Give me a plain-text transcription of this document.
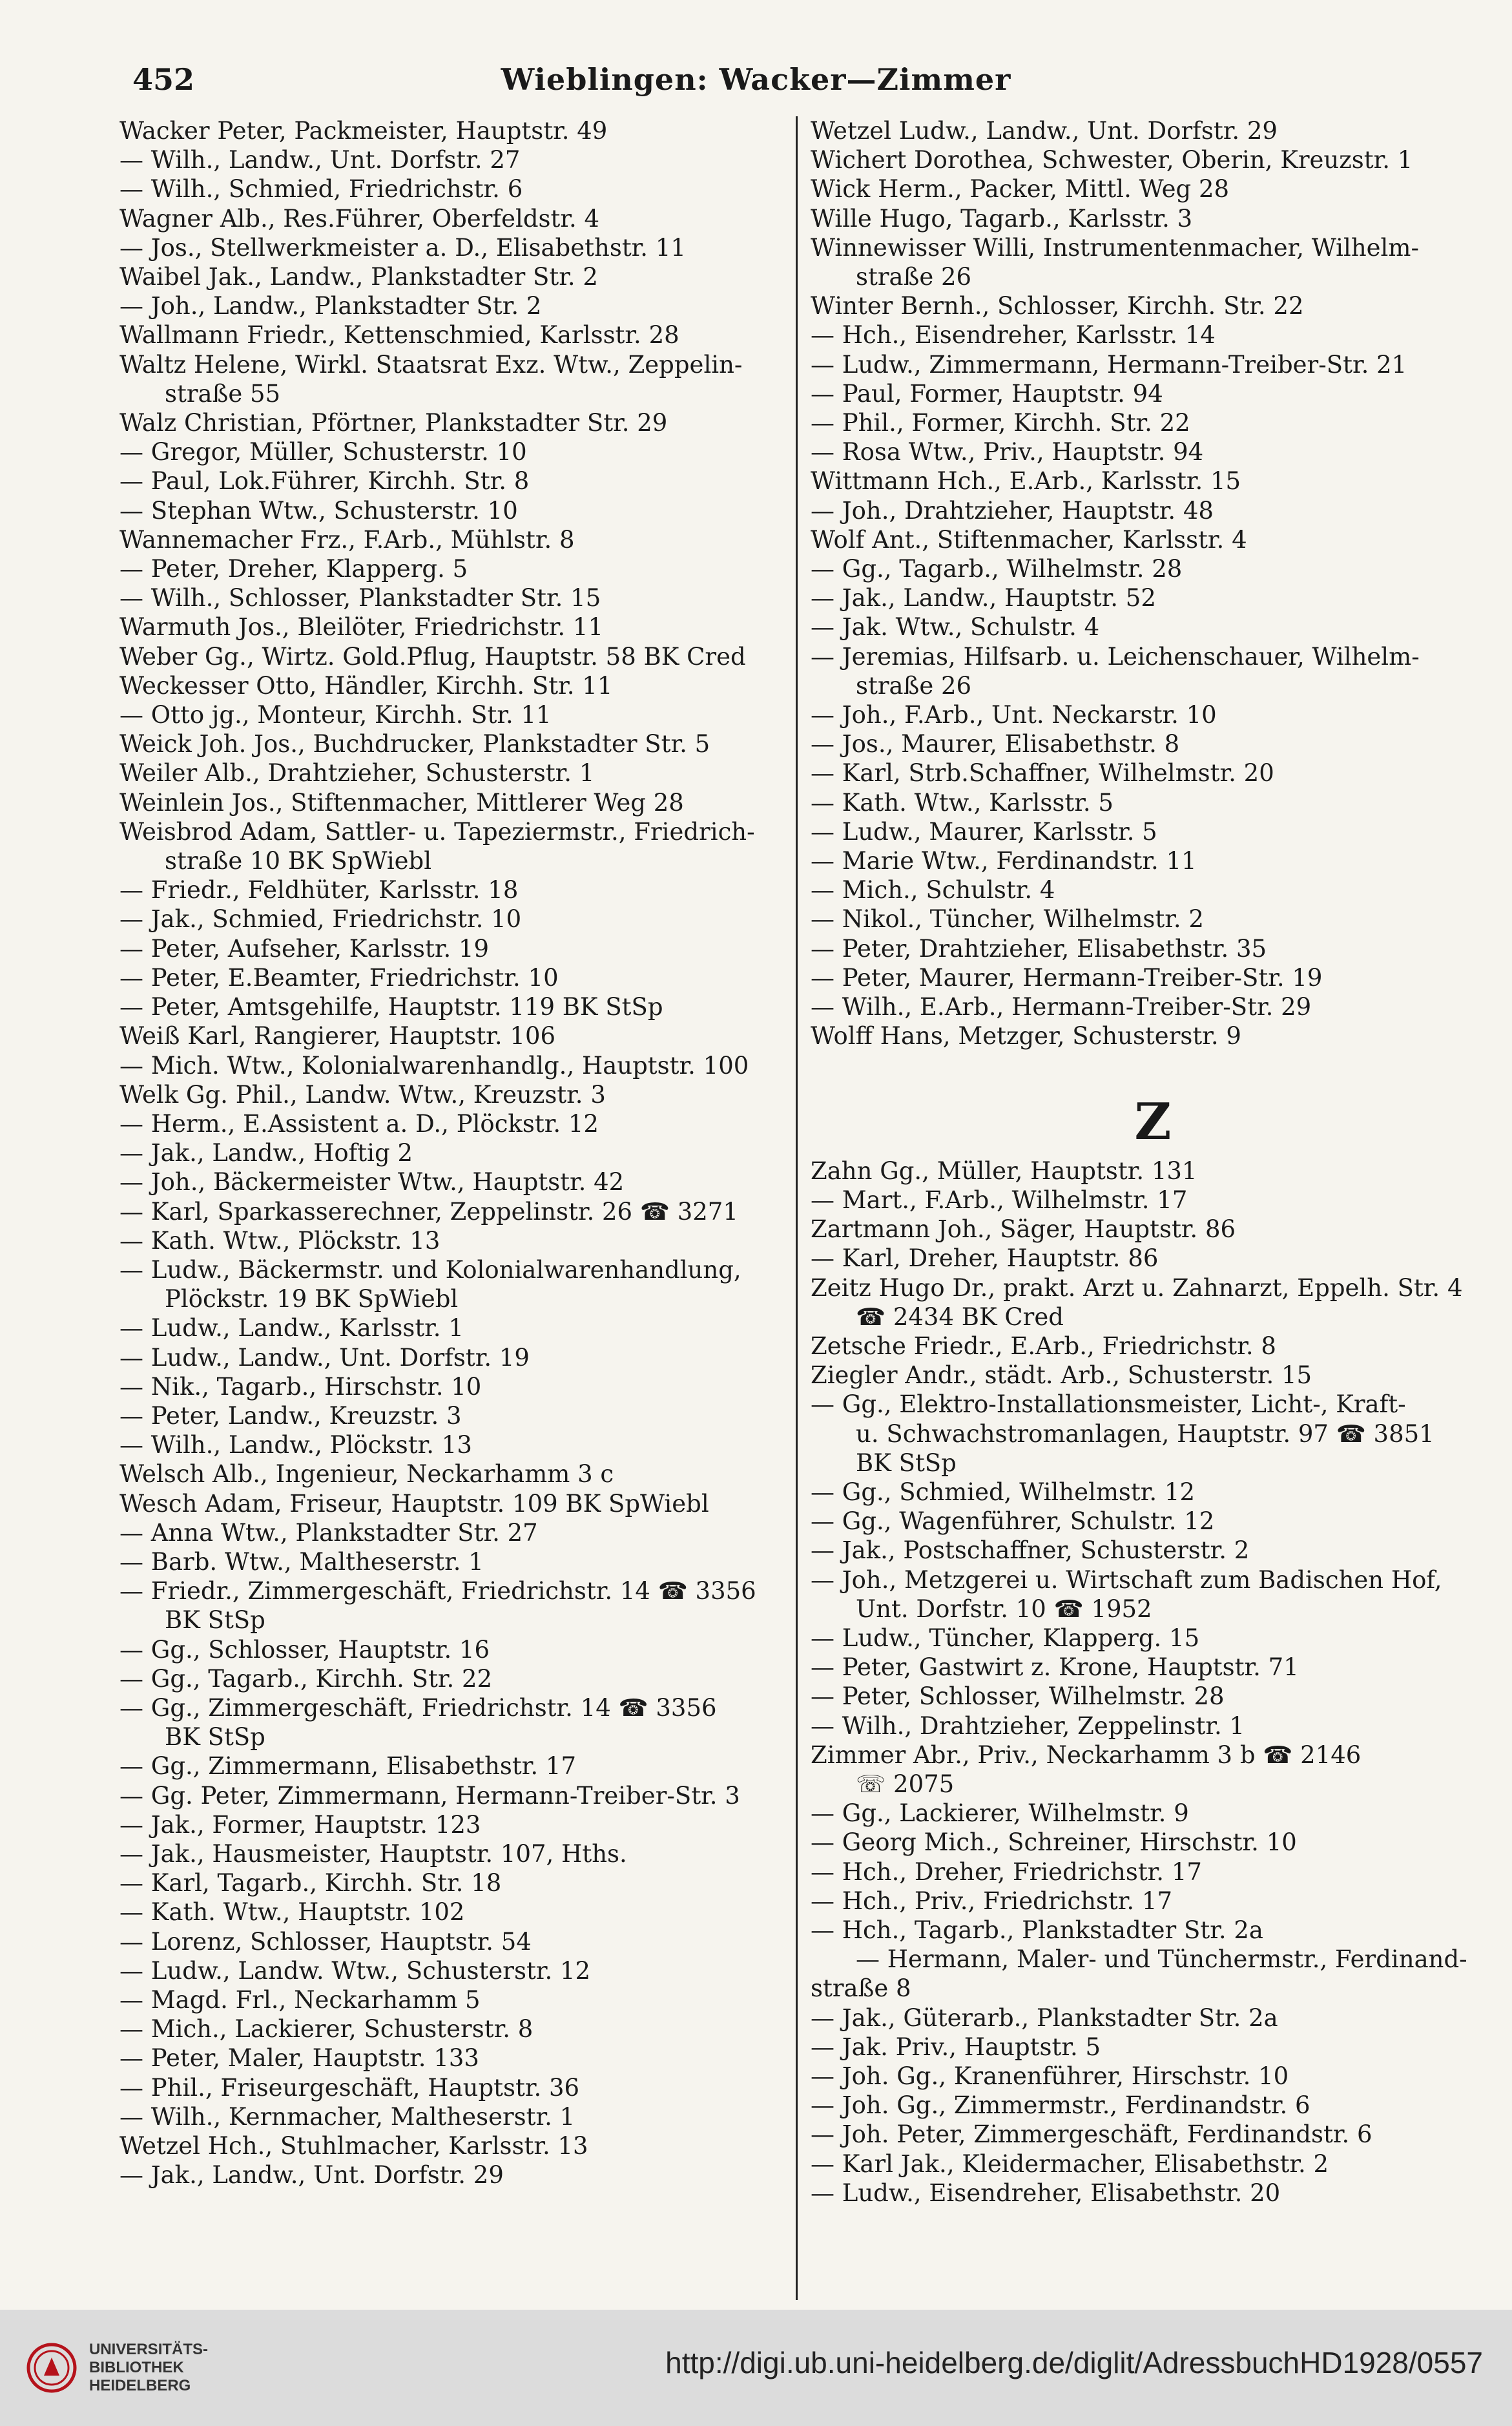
452	Wieblingen: Wacker—Zimmer
Wacker Peter, Packmeister, Hauptstr. 49
— Wilh., Landw., Unt. Dorfstr. 27
— Wilh., Schmied, Friedrichstr. 6
Wagner Alb., Res.Führer, Oberfeldstr. 4
— Jos., Stellwerkmeister a. D., Elisabethstr. 11
Waibel Jak., Landw., Plankstadter Str. 2
— Joh., Landw., Plankstadter Str. 2
Wallmann Friedr., Kettenschmied, Karlsstr. 28
Waltz Helene, Wirkl. Staatsrat Exz. Wtw., Zeppelin-
straße 55
Walz Christian, Pförtner, Plankstadter Str. 29
— Gregor, Müller, Schusterstr. 10
— Paul, Lok.Führer, Kirchh. Str. 8
— Stephan Wtw., Schusterstr. 10
Wannemacher Frz., F.Arb., Mühlstr. 8
— Peter, Dreher, Klapperg. 5
— Wilh., Schlosser, Plankstadter Str. 15
Warmuth Jos., Bleilöter, Friedrichstr. 11
Weber Gg., Wirtz. Gold.Pflug, Hauptstr. 58 BK Cred
Weckesser Otto, Händler, Kirchh. Str. 11
— Otto jg., Monteur, Kirchh. Str. 11
Weick Joh. Jos., Buchdrucker, Plankstadter Str. 5
Weiler Alb., Drahtzieher, Schusterstr. 1
Weinlein Jos., Stiftenmacher, Mittlerer Weg 28
Weisbrod Adam, Sattler- u. Tapeziermstr., Friedrich-
straße 10 BK SpWiebl
— Friedr., Feldhüter, Karlsstr. 18
— Jak., Schmied, Friedrichstr. 10
— Peter, Aufseher, Karlsstr. 19
— Peter, E.Beamter, Friedrichstr. 10
— Peter, Amtsgehilfe, Hauptstr. 119 BK StSp
Weiß Karl, Rangierer, Hauptstr. 106
— Mich. Wtw., Kolonialwarenhandlg., Hauptstr. 100
Welk Gg. Phil., Landw. Wtw., Kreuzstr. 3
— Herm., E.Assistent a. D., Plöckstr. 12
— Jak., Landw., Hoftig 2
— Joh., Bäckermeister Wtw., Hauptstr. 42
— Karl, Sparkasserechner, Zeppelinstr. 26 ☎ 3271
— Kath. Wtw., Plöckstr. 13
— Ludw., Bäckermstr. und Kolonialwarenhandlung,
Plöckstr. 19 BK SpWiebl
— Ludw., Landw., Karlsstr. 1
— Ludw., Landw., Unt. Dorfstr. 19
— Nik., Tagarb., Hirschstr. 10
— Peter, Landw., Kreuzstr. 3
— Wilh., Landw., Plöckstr. 13
Welsch Alb., Ingenieur, Neckarhamm 3 c
Wesch Adam, Friseur, Hauptstr. 109 BK SpWiebl
— Anna Wtw., Plankstadter Str. 27
— Barb. Wtw., Maltheserstr. 1
— Friedr., Zimmergeschäft, Friedrichstr. 14 ☎ 3356
BK StSp
— Gg., Schlosser, Hauptstr. 16
— Gg., Tagarb., Kirchh. Str. 22
— Gg., Zimmergeschäft, Friedrichstr. 14 ☎ 3356
BK StSp
— Gg., Zimmermann, Elisabethstr. 17
— Gg. Peter, Zimmermann, Hermann-Treiber-Str. 3
— Jak., Former, Hauptstr. 123
— Jak., Hausmeister, Hauptstr. 107, Hths.
— Karl, Tagarb., Kirchh. Str. 18
— Kath. Wtw., Hauptstr. 102
— Lorenz, Schlosser, Hauptstr. 54
— Ludw., Landw. Wtw., Schusterstr. 12
— Magd. Frl., Neckarhamm 5
— Mich., Lackierer, Schusterstr. 8
— Peter, Maler, Hauptstr. 133
— Phil., Friseurgeschäft, Hauptstr. 36
— Wilh., Kernmacher, Maltheserstr. 1
Wetzel Hch., Stuhlmacher, Karlsstr. 13
— Jak., Landw., Unt. Dorfstr. 29
Wetzel Ludw., Landw., Unt. Dorfstr. 29
Wichert Dorothea, Schwester, Oberin, Kreuzstr. 1
Wick Herm., Packer, Mittl. Weg 28
Wille Hugo, Tagarb., Karlsstr. 3
Winnewisser Willi, Instrumentenmacher, Wilhelm-
straße 26
Winter Bernh., Schlosser, Kirchh. Str. 22
— Hch., Eisendreher, Karlsstr. 14
— Ludw., Zimmermann, Hermann-Treiber-Str. 21
— Paul, Former, Hauptstr. 94
— Phil., Former, Kirchh. Str. 22
— Rosa Wtw., Priv., Hauptstr. 94
Wittmann Hch., E.Arb., Karlsstr. 15
— Joh., Drahtzieher, Hauptstr. 48
Wolf Ant., Stiftenmacher, Karlsstr. 4
— Gg., Tagarb., Wilhelmstr. 28
— Jak., Landw., Hauptstr. 52
— Jak. Wtw., Schulstr. 4
— Jeremias, Hilfsarb. u. Leichenschauer, Wilhelm-
straße 26
— Joh., F.Arb., Unt. Neckarstr. 10
— Jos., Maurer, Elisabethstr. 8
— Karl, Strb.Schaffner, Wilhelmstr. 20
— Kath. Wtw., Karlsstr. 5
— Ludw., Maurer, Karlsstr. 5
— Marie Wtw., Ferdinandstr. 11
— Mich., Schulstr. 4
— Nikol., Tüncher, Wilhelmstr. 2
— Peter, Drahtzieher, Elisabethstr. 35
— Peter, Maurer, Hermann-Treiber-Str. 19
— Wilh., E.Arb., Hermann-Treiber-Str. 29
Wolff Hans, Metzger, Schusterstr. 9
Z
Zahn Gg., Müller, Hauptstr. 131
— Mart., F.Arb., Wilhelmstr. 17
Zartmann Joh., Säger, Hauptstr. 86
— Karl, Dreher, Hauptstr. 86
Zeitz Hugo Dr., prakt. Arzt u. Zahnarzt, Eppelh. Str. 4
☎ 2434 BK Cred
Zetsche Friedr., E.Arb., Friedrichstr. 8
Ziegler Andr., städt. Arb., Schusterstr. 15
— Gg., Elektro-Installationsmeister, Licht-, Kraft-
u. Schwachstromanlagen, Hauptstr. 97 ☎ 3851
BK StSp
— Gg., Schmied, Wilhelmstr. 12
— Gg., Wagenführer, Schulstr. 12
— Jak., Postschaffner, Schusterstr. 2
— Joh., Metzgerei u. Wirtschaft zum Badischen Hof,
Unt. Dorfstr. 10 ☎ 1952
— Ludw., Tüncher, Klapperg. 15
— Peter, Gastwirt z. Krone, Hauptstr. 71
— Peter, Schlosser, Wilhelmstr. 28
— Wilh., Drahtzieher, Zeppelinstr. 1
Zimmer Abr., Priv., Neckarhamm 3 b ☎ 2146
☏ 2075
— Gg., Lackierer, Wilhelmstr. 9
— Georg Mich., Schreiner, Hirschstr. 10
— Hch., Dreher, Friedrichstr. 17
— Hch., Priv., Friedrichstr. 17
— Hch., Tagarb., Plankstadter Str. 2a
— Hermann, Maler- und Tünchermstr., Ferdinand-
straße 8
— Jak., Güterarb., Plankstadter Str. 2a
— Jak. Priv., Hauptstr. 5
— Joh. Gg., Kranenführer, Hirschstr. 10
— Joh. Gg., Zimmermstr., Ferdinandstr. 6
— Joh. Peter, Zimmergeschäft, Ferdinandstr. 6
— Karl Jak., Kleidermacher, Elisabethstr. 2
— Ludw., Eisendreher, Elisabethstr. 20
UNIVERSITÄTS-
BIBLIOTHEK
HEIDELBERG
http://digi.ub.uni-heidelberg.de/diglit/AdressbuchHD1928/0557
